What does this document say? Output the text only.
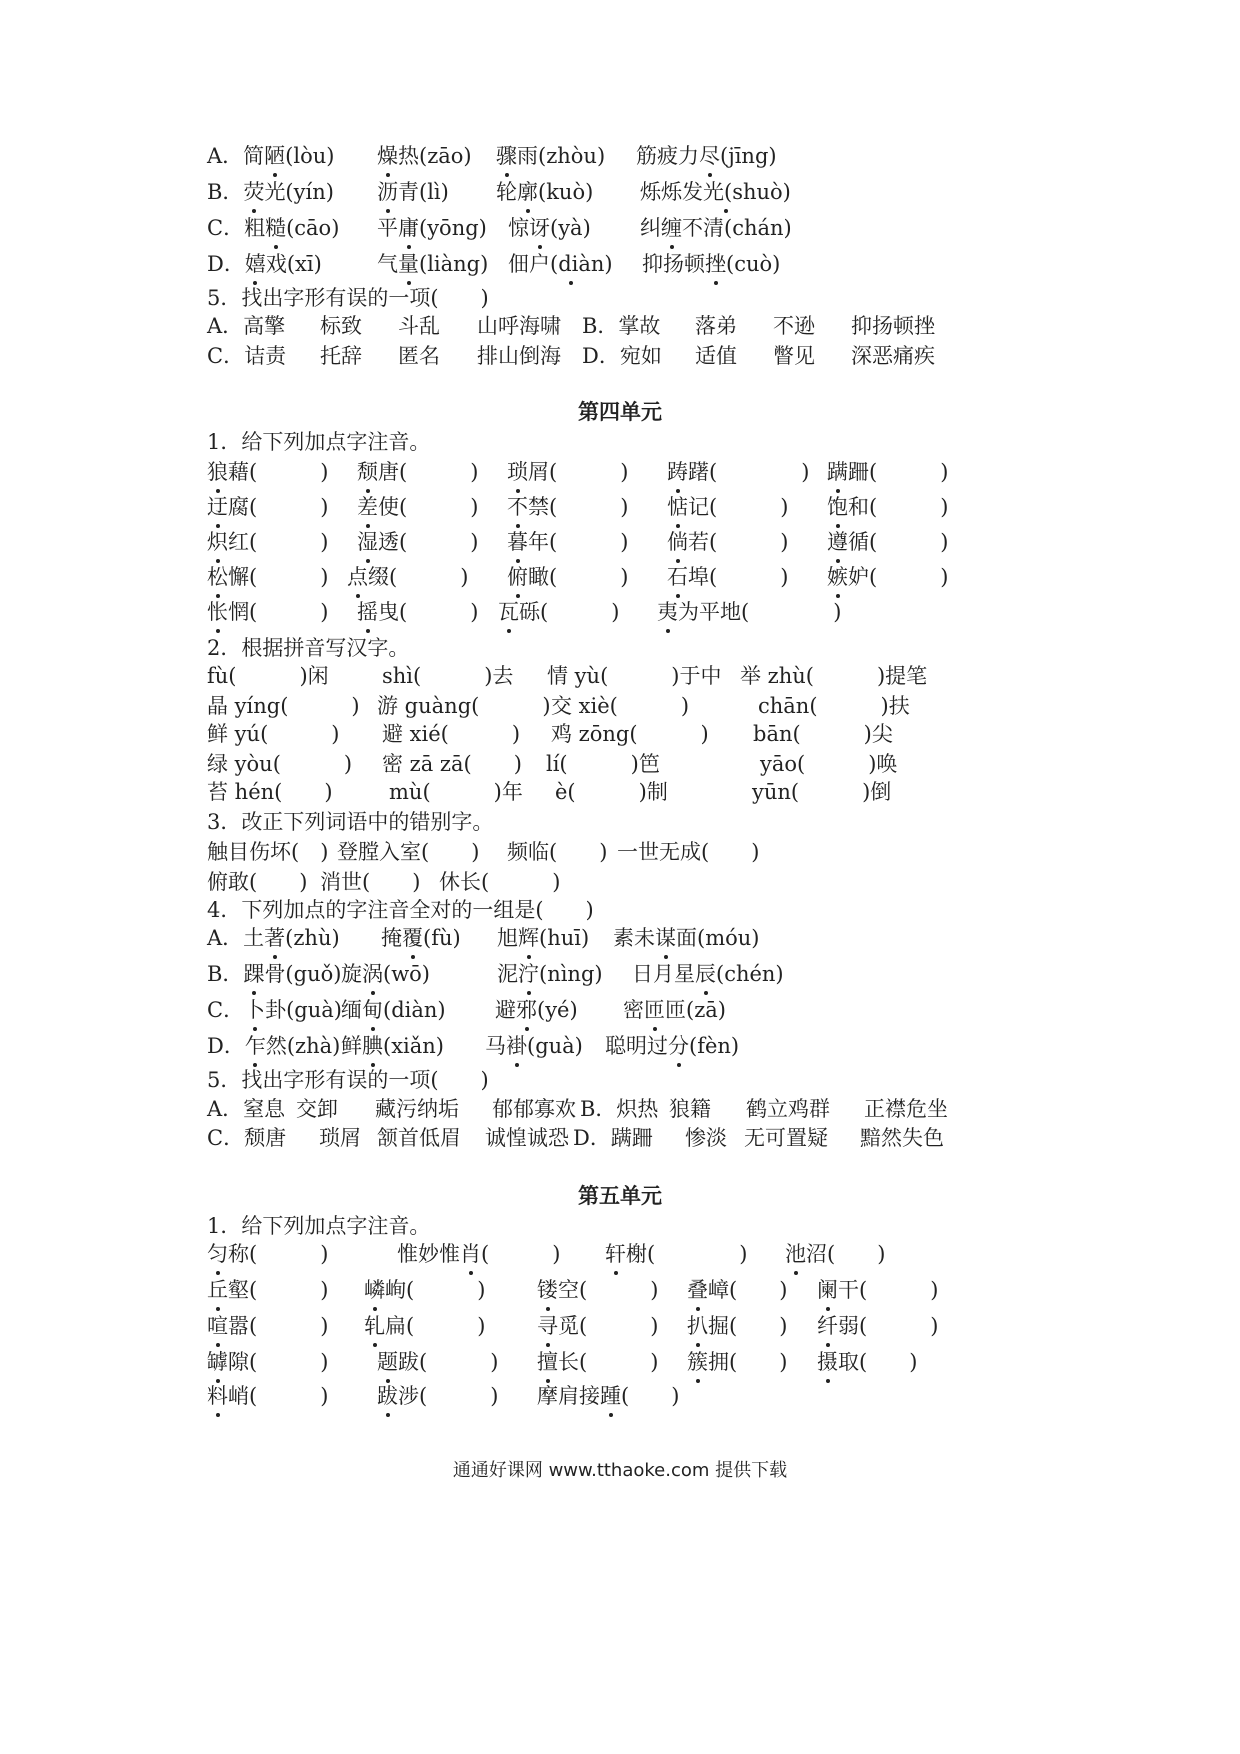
A．简陋(lòu) 燥热(zāo) 骤雨(zhòu) 筋疲力尽(jīng)
B．荧光(yín) 沥青(lì) 轮廓(kuò) 烁烁发光(shuò)
C．粗糙(cāo) 平庸(yōng) 惊讶(yà) 纠缠不清(chán)
D．嬉戏(xī)	气量(liàng) 佃户(diàn) 抑扬顿挫(cuò)
5．找出字形有误的一项(　　)
A．高擎 标致 斗乱 山呼海啸 B．掌故 落弟 不逊 抑扬顿挫
C．诘责 托辞 匿名 排山倒海 D．宛如 适值 瞥见 深恶痛疾
第四单元
1．给下列加点字注音。
狼藉(　　　) 颓唐(　　　) 琐屑(　　　) 踌躇(　　　　) 蹒跚(　　　)
迂腐(　　　) 差使(　　　) 不禁(　　　) 惦记(　　　) 饱和(　　　)
炽红(　　　) 湿透(　　　) 暮年(　　　) 倘若(　　　) 遵循(　　　)
松懈(　　　) 点缀(　　　) 俯瞰(　　　) 石埠(　　　) 嫉妒(　　　)
怅惘(　　　) 摇曳(　　　) 瓦砾(　　　) 夷为平地(　　　　)
2．根据拼音写汉字。
fù(　　　)闲	shì(　　　)去 情 yù(　　　)于中 举 zhù(　　　)提笔
晶 yíng(　　　) 游 guàng(　　　) 交 xiè(　　　)	chān(　　　)扶
鲜 yú(　　　) 避 xié(　　　) 鸡 zōng(　　　) bān(　　　)尖
绿 yòu(　　　) 密 zā zā(　　) lí(　　　)笆	yāo(　　　)唤
苔 hén(　　)	mù(　　　)年 è(　　　)制	yūn(　　　)倒
3．改正下列词语中的错别字。
触目伤坏(　) 登膛入室(　　) 频临(　　) 一世无成(　　)
俯敢(　　) 消世(　　) 休长(　　　)
4．下列加点的字注音全对的一组是(　　)
A．土著(zhù) 掩覆(fù) 旭辉(huī) 素未谋面(móu)
B．踝骨(guǒ) 旋涡(wō)	泥泞(nìng) 日月星辰(chén)
C．卜卦(guà) 缅甸(diàn) 避邪(yé) 密匝匝(zā)
D．乍然(zhà) 鲜腆(xiǎn) 马褂(guà) 聪明过分(fèn)
5．找出字形有误的一项(　　)
A．窒息 交卸 藏污纳垢 郁郁寡欢 B．炽热 狼籍 鹤立鸡群 正襟危坐
C．颓唐 琐屑 颔首低眉 诚惶诚恐 D．蹒跚 惨淡 无可置疑 黯然失色
第五单元
1．给下列加点字注音。
匀称(　　　)	惟妙惟肖(　　　) 轩榭(　　　　) 池沼(　　)
丘壑(　　　) 嶙峋(　　　) 镂空(　　　) 叠嶂(　　) 阑干(　　　)
喧嚣(　　　) 轧扁(　　　) 寻觅(　　　) 扒掘(　　) 纤弱(　　　)
罅隙(　　　) 题跋(　　　) 擅长(　　　) 簇拥(　　) 摄取(　　)
料峭(　　　) 跋涉(　　　) 摩肩接踵(　　)
通通好课网 www.tthaoke.com 提供下载
